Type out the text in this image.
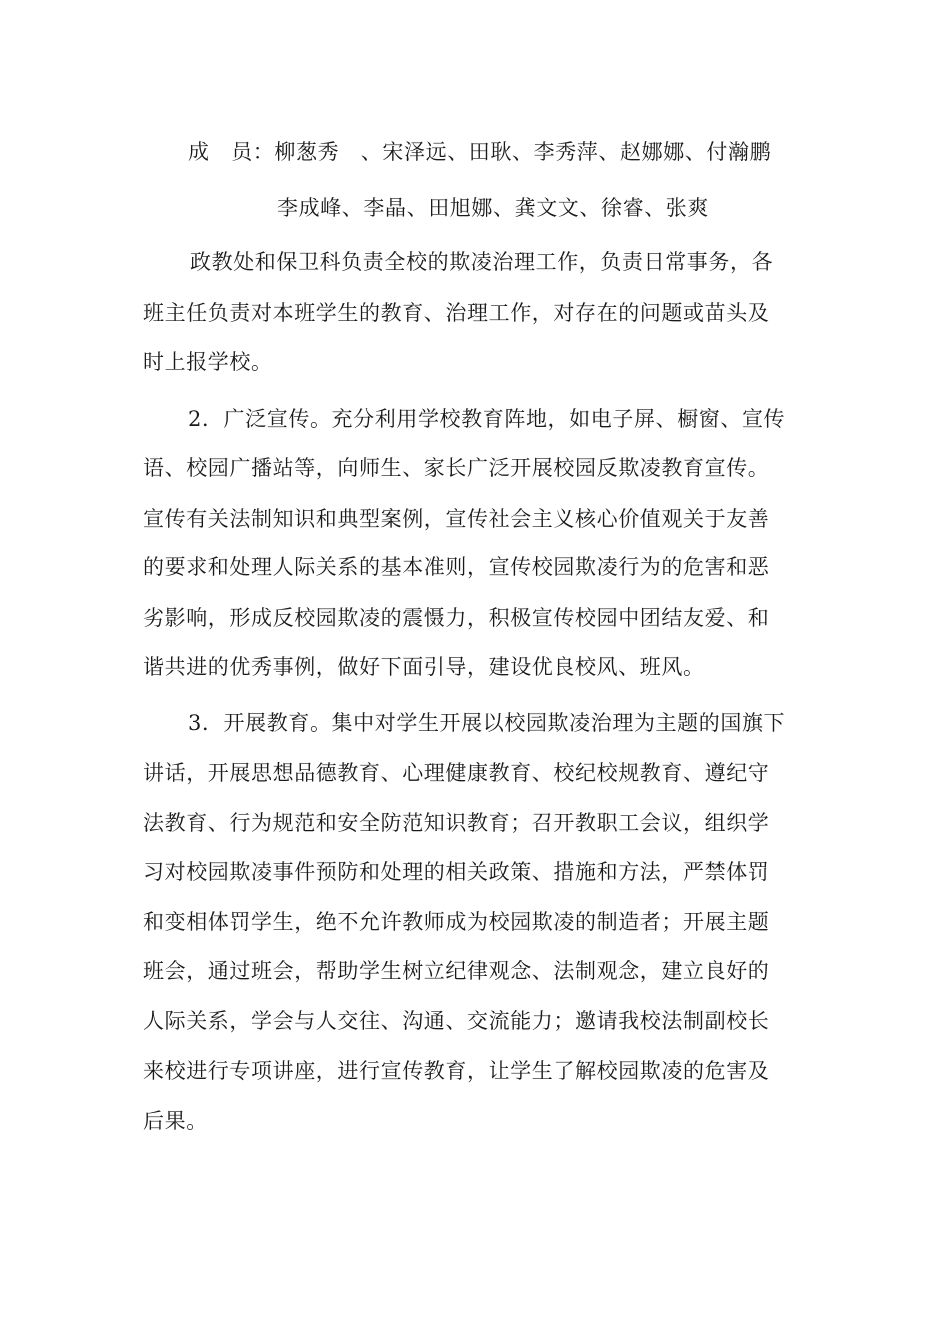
成　员：柳葱秀　、宋泽远、田耿、李秀萍、赵娜娜、付瀚鹏
李成峰、李晶、田旭娜、龚文文、徐睿、张爽
政教处和保卫科负责全校的欺凌治理工作，负责日常事务，各
班主任负责对本班学生的教育、治理工作，对存在的问题或苗头及
时上报学校。
2．广泛宣传。充分利用学校教育阵地，如电子屏、橱窗、宣传
语、校园广播站等，向师生、家长广泛开展校园反欺凌教育宣传。
宣传有关法制知识和典型案例，宣传社会主义核心价值观关于友善
的要求和处理人际关系的基本准则，宣传校园欺凌行为的危害和恶
劣影响，形成反校园欺凌的震慑力，积极宣传校园中团结友爱、和
谐共进的优秀事例，做好下面引导，建设优良校风、班风。
3．开展教育。集中对学生开展以校园欺凌治理为主题的国旗下
讲话，开展思想品德教育、心理健康教育、校纪校规教育、遵纪守
法教育、行为规范和安全防范知识教育；召开教职工会议，组织学
习对校园欺凌事件预防和处理的相关政策、措施和方法，严禁体罚
和变相体罚学生，绝不允许教师成为校园欺凌的制造者；开展主题
班会，通过班会，帮助学生树立纪律观念、法制观念，建立良好的
人际关系，学会与人交往、沟通、交流能力；邀请我校法制副校长
来校进行专项讲座，进行宣传教育，让学生了解校园欺凌的危害及
后果。
